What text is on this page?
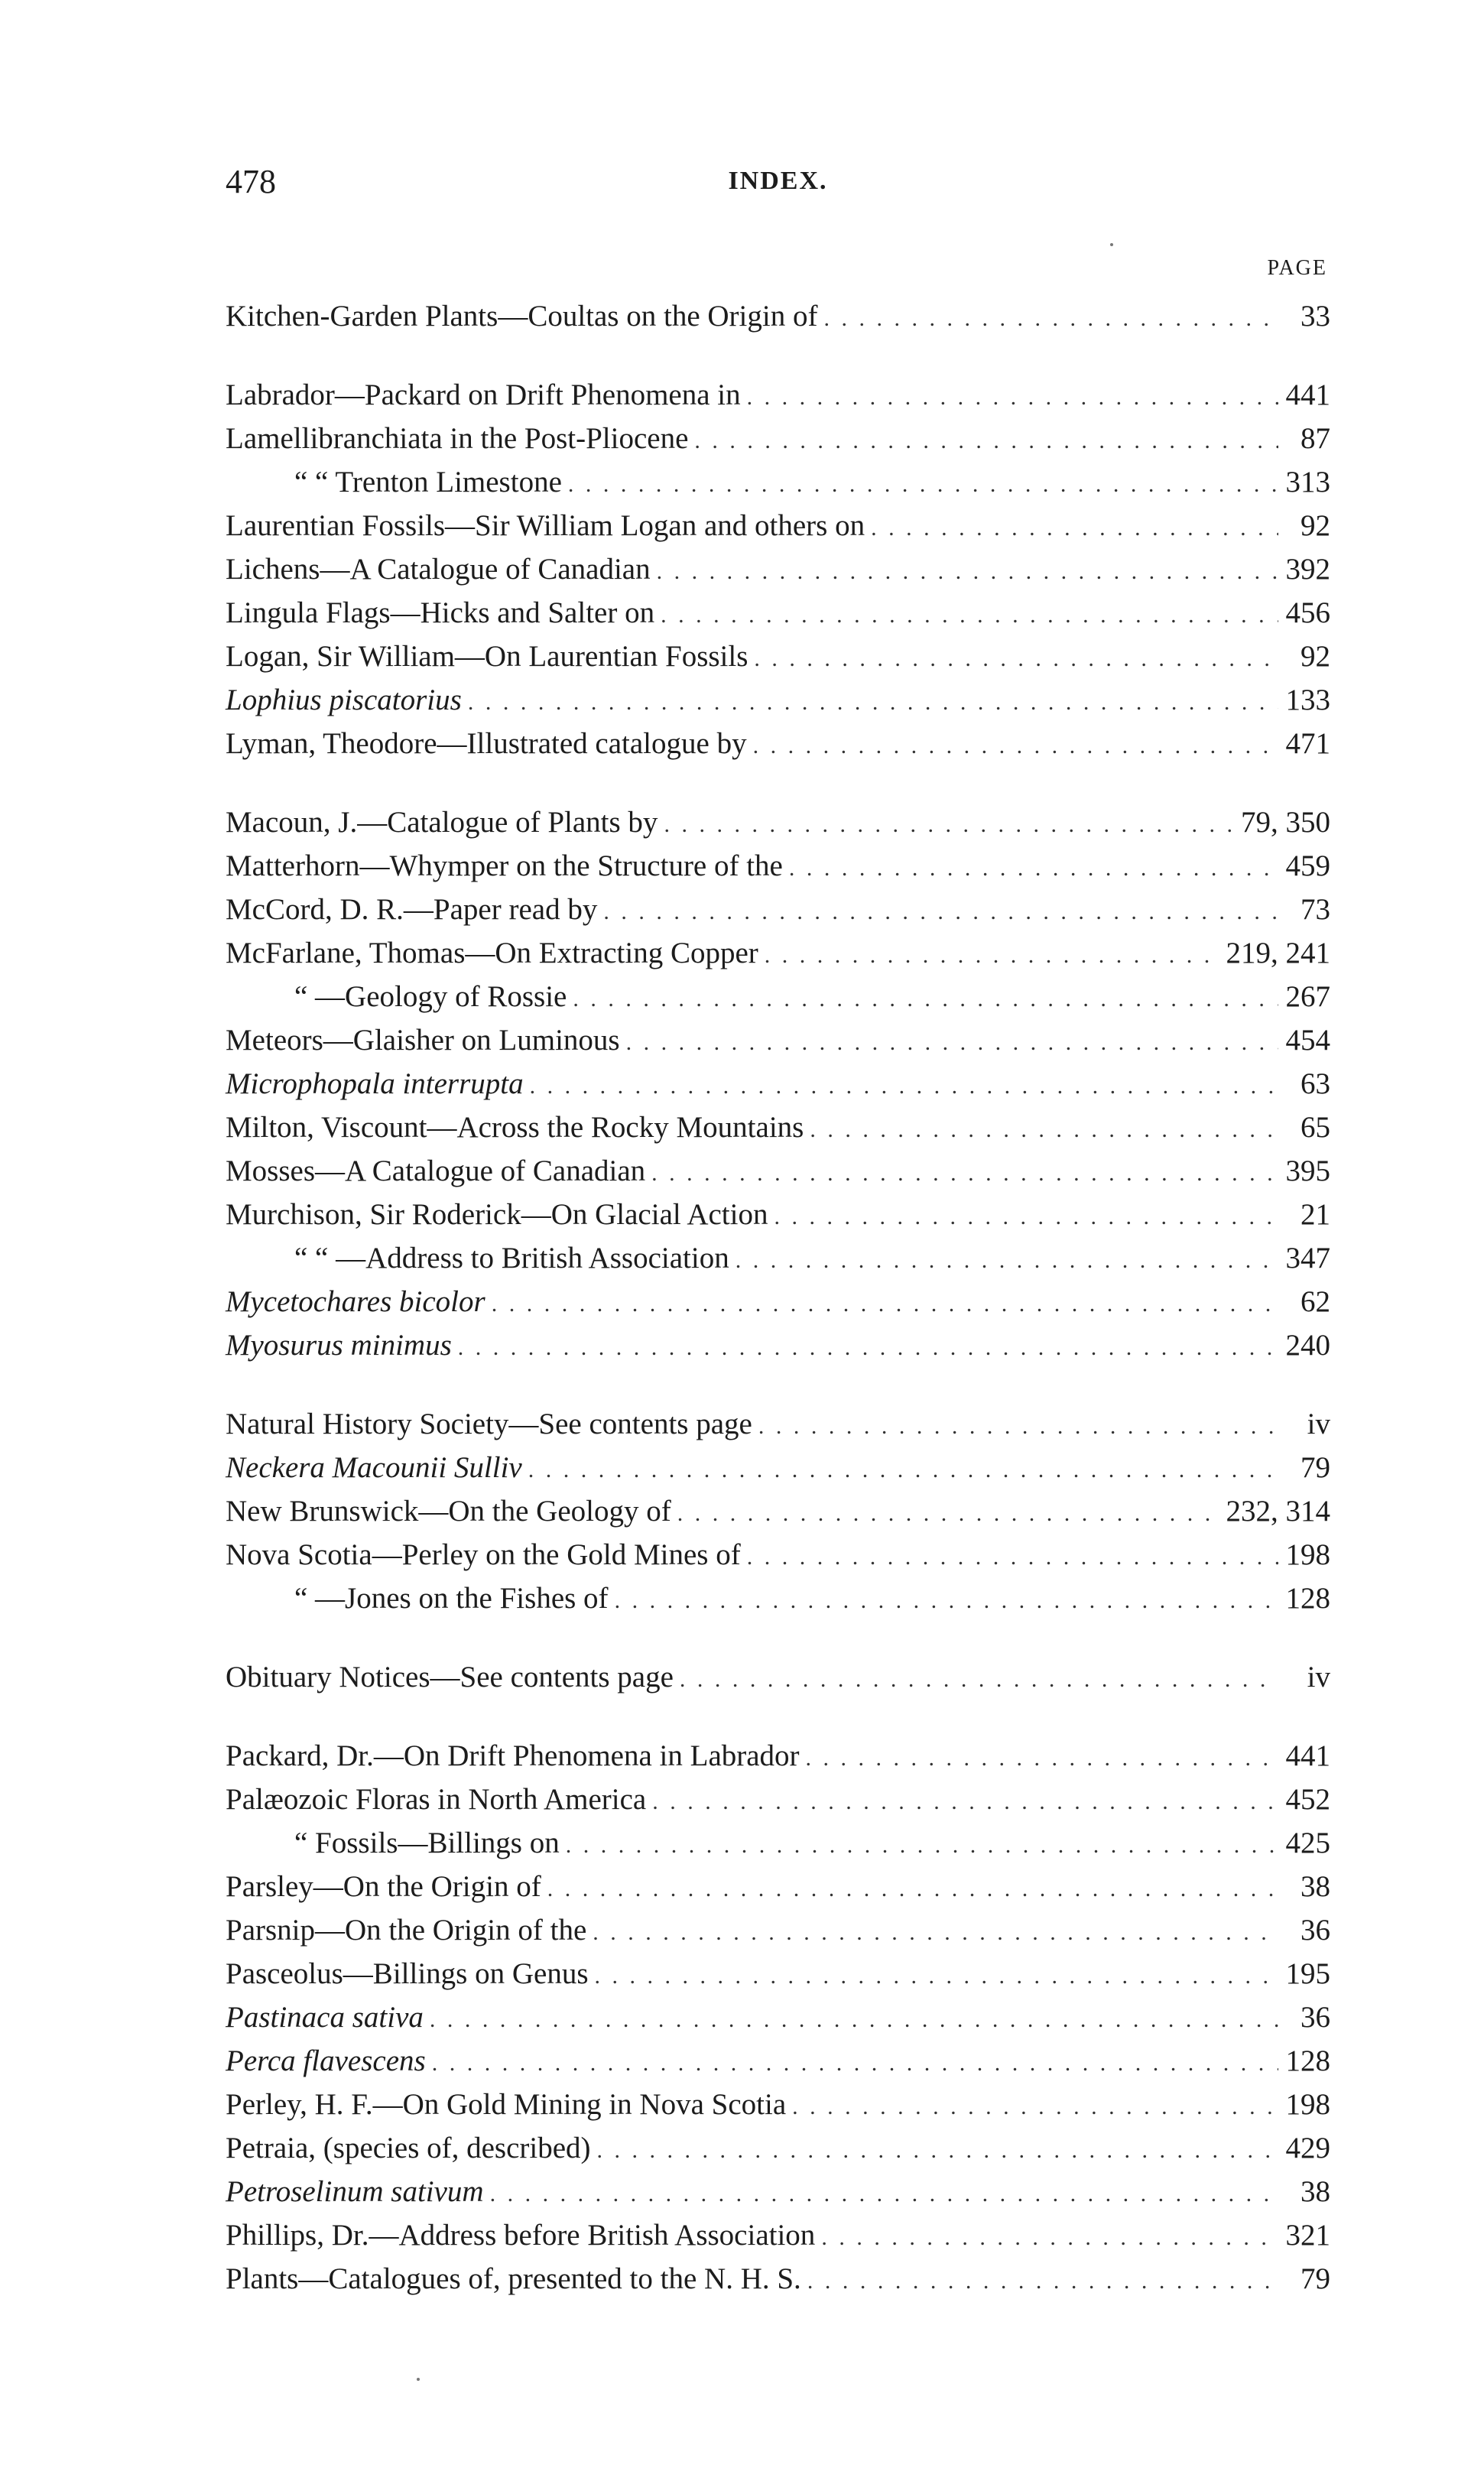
478	INDEX.
PAGE
Kitchen-Garden Plants—Coultas on the Origin of . . .	33
Labrador—Packard on Drift Phenomena in . . .	441
Lamellibranchiata in the Post-Pliocene . . .	87
“ “ Trenton Limestone . . .	313
Laurentian Fossils—Sir William Logan and others on . . .	92
Lichens—A Catalogue of Canadian . . .	392
Lingula Flags—Hicks and Salter on . . .	456
Logan, Sir William—On Laurentian Fossils . . .	92
Lophius piscatorius . . .	133
Lyman, Theodore—Illustrated catalogue by . . .	471
Macoun, J.—Catalogue of Plants by . . .	79, 350
Matterhorn—Whymper on the Structure of the . . .	459
McCord, D. R.—Paper read by . . .	73
McFarlane, Thomas—On Extracting Copper . . .	219, 241
“ —Geology of Rossie . . .	267
Meteors—Glaisher on Luminous . . .	454
Microphopala interrupta . . .	63
Milton, Viscount—Across the Rocky Mountains . . .	65
Mosses—A Catalogue of Canadian . . .	395
Murchison, Sir Roderick—On Glacial Action . . .	21
“ “ —Address to British Association . . .	347
Mycetochares bicolor . . .	62
Myosurus minimus . . .	240
Natural History Society—See contents page . . .	iv
Neckera Macounii Sulliv . . .	79
New Brunswick—On the Geology of . . .	232, 314
Nova Scotia—Perley on the Gold Mines of . . .	198
“ —Jones on the Fishes of . . .	128
Obituary Notices—See contents page . . .	iv
Packard, Dr.—On Drift Phenomena in Labrador . . .	441
Palæozoic Floras in North America . . .	452
“ Fossils—Billings on . . .	425
Parsley—On the Origin of . . .	38
Parsnip—On the Origin of the . . .	36
Pasceolus—Billings on Genus . . .	195
Pastinaca sativa . . .	36
Perca flavescens . . .	128
Perley, H. F.—On Gold Mining in Nova Scotia . . .	198
Petraia, (species of, described) . . .	429
Petroselinum sativum . . .	38
Phillips, Dr.—Address before British Association . . .	321
Plants—Catalogues of, presented to the N. H. S. . . .	79
